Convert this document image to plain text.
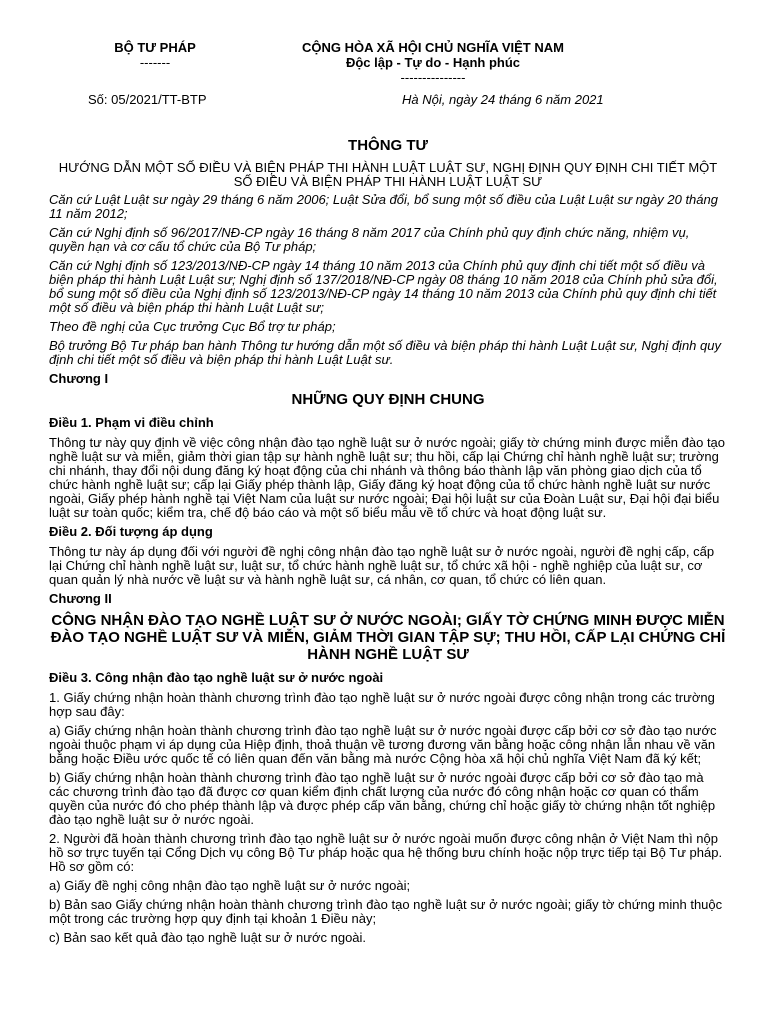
BỘ TƯ PHÁP
-------
CỘNG HÒA XÃ HỘI CHỦ NGHĨA VIỆT NAM
Độc lập - Tự do - Hạnh phúc
---------------
Số: 05/2021/TT-BTP	Hà Nội, ngày 24 tháng 6 năm 2021
THÔNG TƯ
HƯỚNG DẪN MỘT SỐ ĐIỀU VÀ BIỆN PHÁP THI HÀNH LUẬT LUẬT SƯ, NGHỊ ĐỊNH QUY ĐỊNH CHI TIẾT MỘT SỐ ĐIỀU VÀ BIỆN PHÁP THI HÀNH LUẬT LUẬT SƯ

Căn cứ Luật Luật sư ngày 29 tháng 6 năm 2006; Luật Sửa đổi, bổ sung một số điều của Luật Luật sư ngày 20 tháng 11 năm 2012;

Căn cứ Nghị định số 96/2017/NĐ-CP ngày 16 tháng 8 năm 2017 của Chính phủ quy định chức năng, nhiệm vụ, quyền hạn và cơ cấu tổ chức của Bộ Tư pháp;

Căn cứ Nghị định số 123/2013/NĐ-CP ngày 14 tháng 10 năm 2013 của Chính phủ quy định chi tiết một số điều và biện pháp thi hành Luật Luật sư; Nghị định số 137/2018/NĐ-CP ngày 08 tháng 10 năm 2018 của Chính phủ sửa đổi, bổ sung một số điều của Nghị định số 123/2013/NĐ-CP ngày 14 tháng 10 năm 2013 của Chính phủ quy định chi tiết một số điều và biện pháp thi hành Luật Luật sư;

Theo đề nghị của Cục trưởng Cục Bổ trợ tư pháp;

Bộ trưởng Bộ Tư pháp ban hành Thông tư hướng dẫn một số điều và biện pháp thi hành Luật Luật sư, Nghị định quy định chi tiết một số điều và biện pháp thi hành Luật Luật sư.

Chương I

NHỮNG QUY ĐỊNH CHUNG

Điều 1. Phạm vi điều chỉnh

Thông tư này quy định về việc công nhận đào tạo nghề luật sư ở nước ngoài; giấy tờ chứng minh được miễn đào tạo nghề luật sư và miễn, giảm thời gian tập sự hành nghề luật sư; thu hồi, cấp lại Chứng chỉ hành nghề luật sư; trường chi nhánh, thay đổi nội dung đăng ký hoạt động của chi nhánh và thông báo thành lập văn phòng giao dịch của tổ chức hành nghề luật sư; cấp lại Giấy phép thành lập, Giấy đăng ký hoạt động của tổ chức hành nghề luật sư nước ngoài, Giấy phép hành nghề tại Việt Nam của luật sư nước ngoài; Đại hội luật sư của Đoàn Luật sư, Đại hội đại biểu luật sư toàn quốc; kiểm tra, chế độ báo cáo và một số biểu mẫu về tổ chức và hoạt động luật sư.

Điều 2. Đối tượng áp dụng

Thông tư này áp dụng đối với người đề nghị công nhận đào tạo nghề luật sư ở nước ngoài, người đề nghị cấp, cấp lại Chứng chỉ hành nghề luật sư, luật sư, tổ chức hành nghề luật sư, tổ chức xã hội - nghề nghiệp của luật sư, cơ quan quản lý nhà nước về luật sư và hành nghề luật sư, cá nhân, cơ quan, tổ chức có liên quan.

Chương II

CÔNG NHẬN ĐÀO TẠO NGHỀ LUẬT SƯ Ở NƯỚC NGOÀI; GIẤY TỜ CHỨNG MINH ĐƯỢC MIỄN ĐÀO TẠO NGHỀ LUẬT SƯ VÀ MIỄN, GIẢM THỜI GIAN TẬP SỰ; THU HỒI, CẤP LẠI CHỨNG CHỈ HÀNH NGHỀ LUẬT SƯ

Điều 3. Công nhận đào tạo nghề luật sư ở nước ngoài

1. Giấy chứng nhận hoàn thành chương trình đào tạo nghề luật sư ở nước ngoài được công nhận trong các trường hợp sau đây:

a) Giấy chứng nhận hoàn thành chương trình đào tạo nghề luật sư ở nước ngoài được cấp bởi cơ sở đào tạo nước ngoài thuộc phạm vi áp dụng của Hiệp định, thoả thuận về tương đương văn bằng hoặc công nhận lẫn nhau về văn bằng hoặc Điều ước quốc tế có liên quan đến văn bằng mà nước Cộng hòa xã hội chủ nghĩa Việt Nam đã ký kết;

b) Giấy chứng nhận hoàn thành chương trình đào tạo nghề luật sư ở nước ngoài được cấp bởi cơ sở đào tạo mà các chương trình đào tạo đã được cơ quan kiểm định chất lượng của nước đó công nhận hoặc cơ quan có thẩm quyền của nước đó cho phép thành lập và được phép cấp văn bằng, chứng chỉ hoặc giấy tờ chứng nhận tốt nghiệp đào tạo nghề luật sư ở nước ngoài.

2. Người đã hoàn thành chương trình đào tạo nghề luật sư ở nước ngoài muốn được công nhận ở Việt Nam thì nộp hồ sơ trực tuyến tại Cổng Dịch vụ công Bộ Tư pháp hoặc qua hệ thống bưu chính hoặc nộp trực tiếp tại Bộ Tư pháp. Hồ sơ gồm có:

a) Giấy đề nghị công nhận đào tạo nghề luật sư ở nước ngoài;

b) Bản sao Giấy chứng nhận hoàn thành chương trình đào tạo nghề luật sư ở nước ngoài; giấy tờ chứng minh thuộc một trong các trường hợp quy định tại khoản 1 Điều này;

c) Bản sao kết quả đào tạo nghề luật sư ở nước ngoài.
